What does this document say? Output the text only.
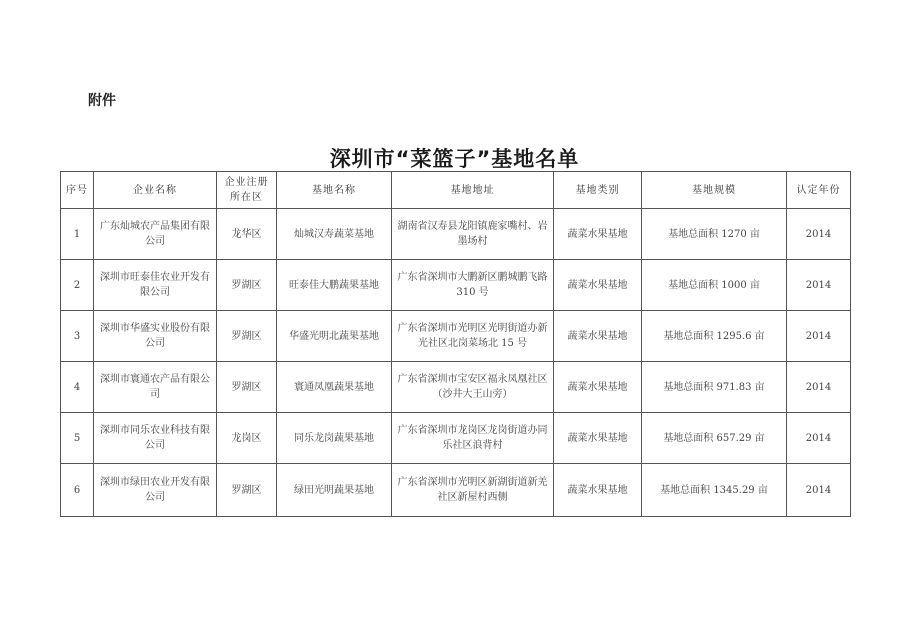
附件
深圳市“菜篮子”基地名单
序号	企业名称	企业注册所在区	基地名称	基地地址	基地类别	基地规模	认定年份
1	广东灿城农产品集团有限公司	龙华区	灿城汉寿蔬菜基地	湖南省汉寿县龙阳镇鹿家嘴村、岩墨场村	蔬菜水果基地	基地总面积 1270 亩	2014
2	深圳市旺泰佳农业开发有限公司	罗湖区	旺泰佳大鹏蔬果基地	广东省深圳市大鹏新区鹏城鹏飞路 310 号	蔬菜水果基地	基地总面积 1000 亩	2014
3	深圳市华盛实业股份有限公司	罗湖区	华盛光明北蔬果基地	广东省深圳市光明区光明街道办新光社区北岗菜场北 15 号	蔬菜水果基地	基地总面积 1295.6 亩	2014
4	深圳市寰通农产品有限公司	罗湖区	寰通凤凰蔬果基地	广东省深圳市宝安区福永凤凰社区（沙井大王山旁）	蔬菜水果基地	基地总面积 971.83 亩	2014
5	深圳市同乐农业科技有限公司	龙岗区	同乐龙岗蔬果基地	广东省深圳市龙岗区龙岗街道办同乐社区浪背村	蔬菜水果基地	基地总面积 657.29 亩	2014
6	深圳市绿田农业开发有限公司	罗湖区	绿田光明蔬果基地	广东省深圳市光明区新湖街道新羌社区新屋村西侧	蔬菜水果基地	基地总面积 1345.29 亩	2014
